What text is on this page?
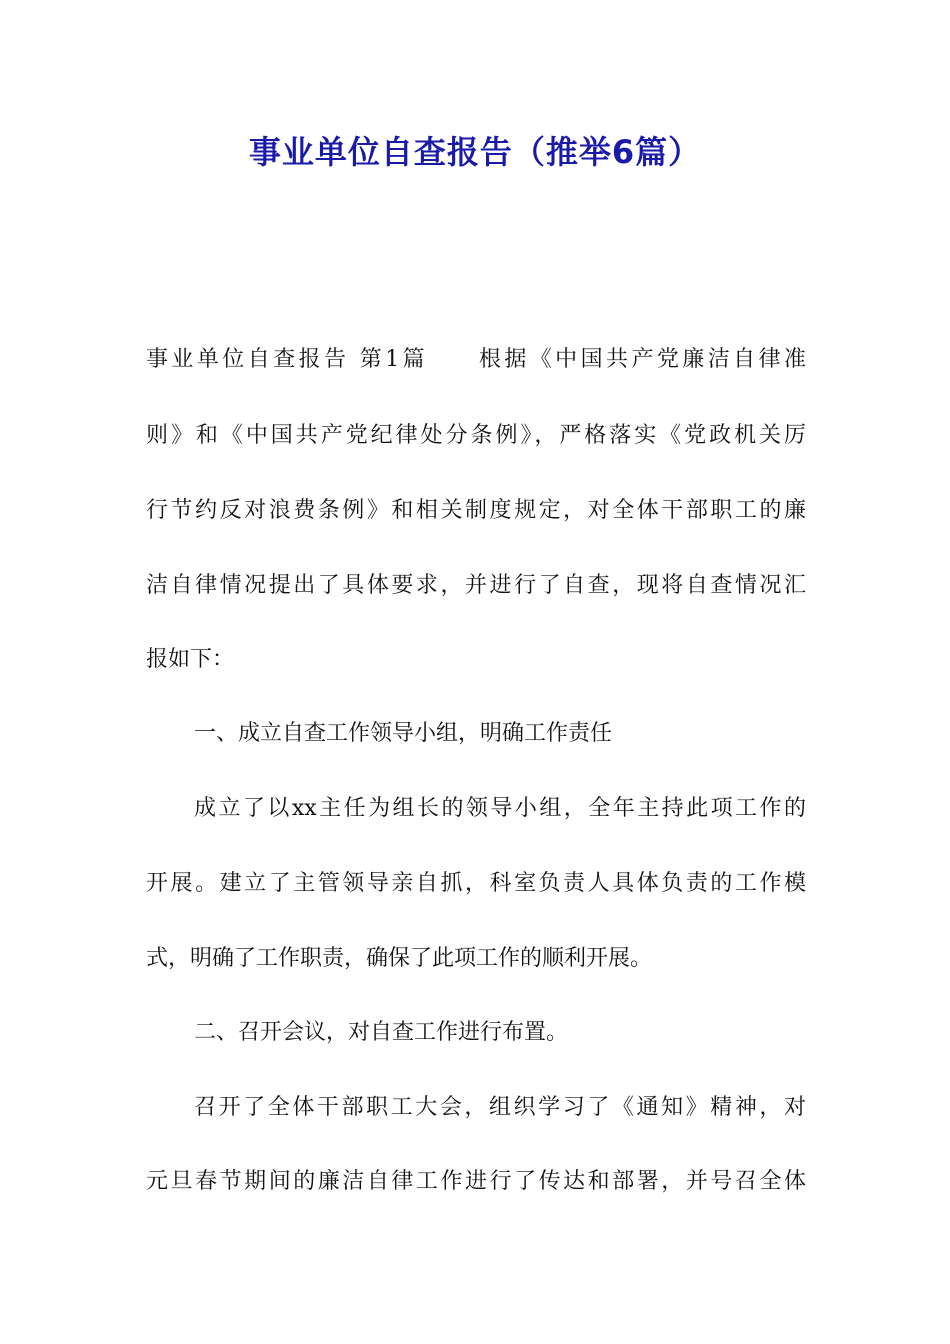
事业单位自查报告（推举6篇）
事业单位自查报告 第1篇　　根据《中国共产党廉洁自律准
则》和《中国共产党纪律处分条例》，严格落实《党政机关厉
行节约反对浪费条例》和相关制度规定，对全体干部职工的廉
洁自律情况提出了具体要求，并进行了自查，现将自查情况汇
报如下：
一、成立自查工作领导小组，明确工作责任
成立了以xx主任为组长的领导小组，全年主持此项工作的
开展。建立了主管领导亲自抓，科室负责人具体负责的工作模
式，明确了工作职责，确保了此项工作的顺利开展。
二、召开会议，对自查工作进行布置。
召开了全体干部职工大会，组织学习了《通知》精神，对
元旦春节期间的廉洁自律工作进行了传达和部署，并号召全体
